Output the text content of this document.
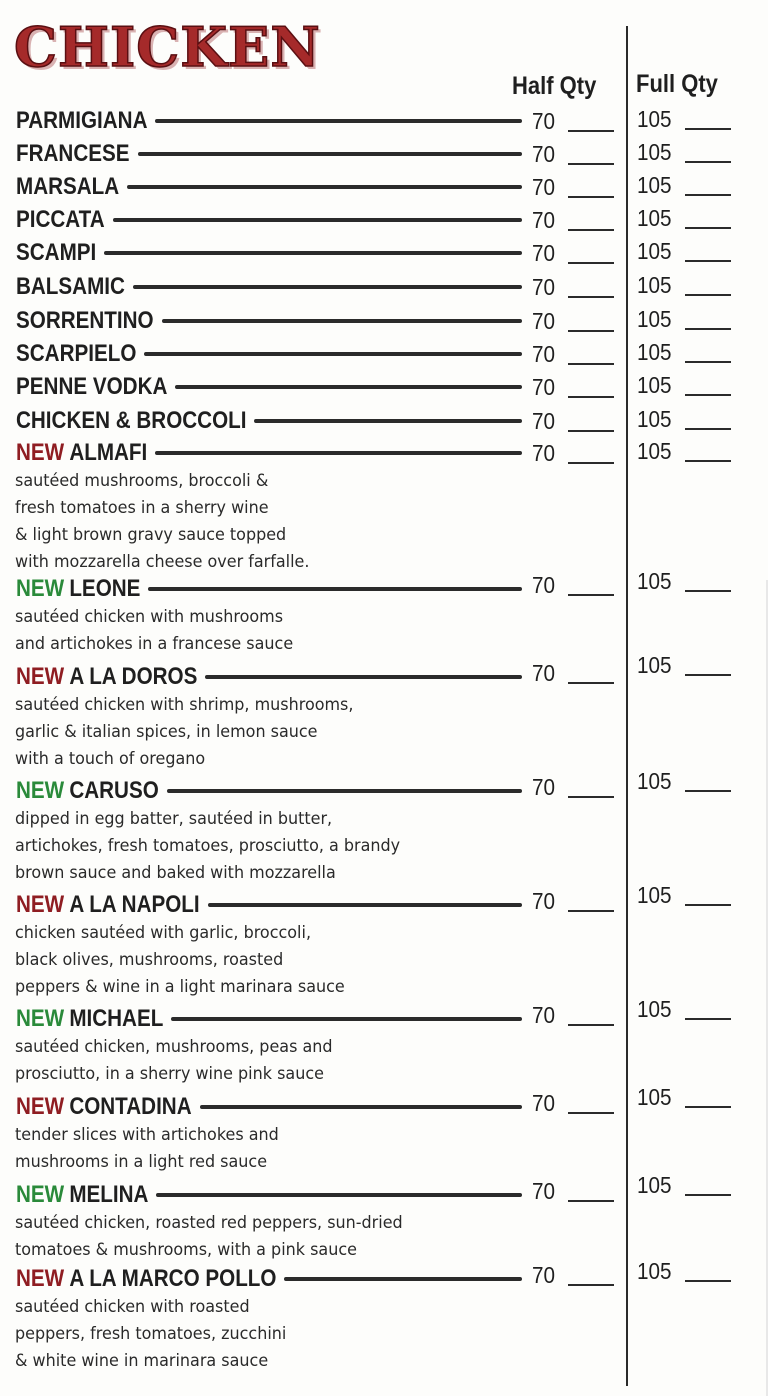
CHICKEN
Half Qty Full Qty
PARMIGIANA	70	105
FRANCESE	70	105
MARSALA	70	105
PICCATA	70	105
SCAMPI	70	105
BALSAMIC	70	105
SORRENTINO	70	105
SCARPIELO	70	105
PENNE VODKA	70	105
CHICKEN & BROCCOLI	70	105
NEW ALMAFI	70	105
sautéed mushrooms, broccoli &
fresh tomatoes in a sherry wine
& light brown gravy sauce topped
with mozzarella cheese over farfalle.
NEW LEONE	70	105
sautéed chicken with mushrooms
and artichokes in a francese sauce
NEW A LA DOROS	70	105
sautéed chicken with shrimp, mushrooms,
garlic & italian spices, in lemon sauce
with a touch of oregano
NEW CARUSO	70	105
dipped in egg batter, sautéed in butter,
artichokes, fresh tomatoes, prosciutto, a brandy
brown sauce and baked with mozzarella
NEW A LA NAPOLI	70	105
chicken sautéed with garlic, broccoli,
black olives, mushrooms, roasted
peppers & wine in a light marinara sauce
NEW MICHAEL	70	105
sautéed chicken, mushrooms, peas and
prosciutto, in a sherry wine pink sauce
NEW CONTADINA	70	105
tender slices with artichokes and
mushrooms in a light red sauce
NEW MELINA	70	105
sautéed chicken, roasted red peppers, sun-dried
tomatoes & mushrooms, with a pink sauce
NEW A LA MARCO POLLO	70	105
sautéed chicken with roasted
peppers, fresh tomatoes, zucchini
& white wine in marinara sauce
